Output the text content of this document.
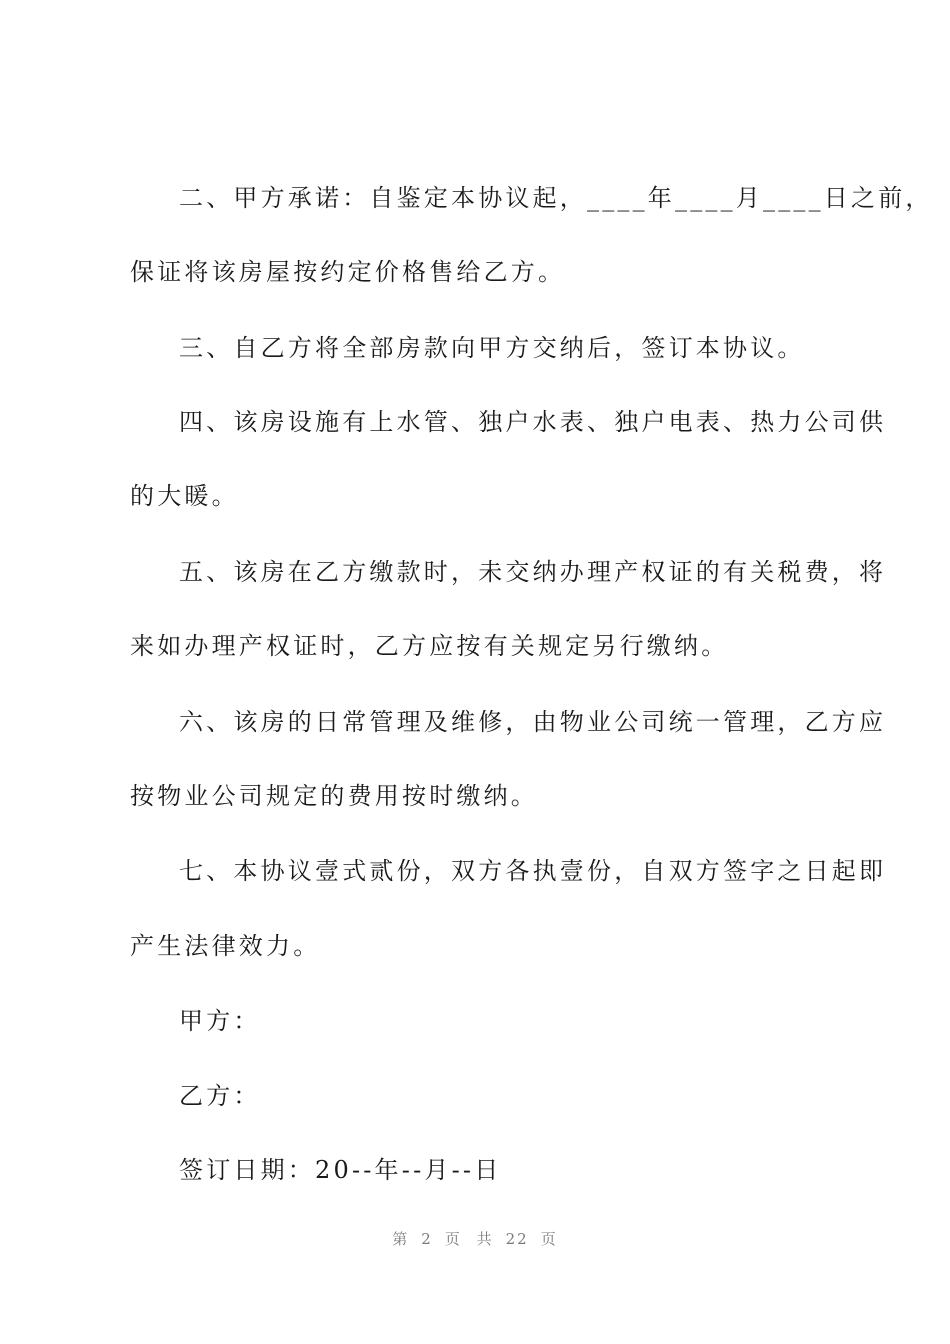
二、甲方承诺：自鉴定本协议起，____年____月____日之前，
保证将该房屋按约定价格售给乙方。
三、自乙方将全部房款向甲方交纳后，签订本协议。
四、该房设施有上水管、独户水表、独户电表、热力公司供
的大暖。
五、该房在乙方缴款时，未交纳办理产权证的有关税费，将
来如办理产权证时，乙方应按有关规定另行缴纳。
六、该房的日常管理及维修，由物业公司统一管理，乙方应
按物业公司规定的费用按时缴纳。
七、本协议壹式贰份，双方各执壹份，自双方签字之日起即
产生法律效力。
甲方：
乙方：
签订日期：20--年--月--日
第 2 页 共 22 页
